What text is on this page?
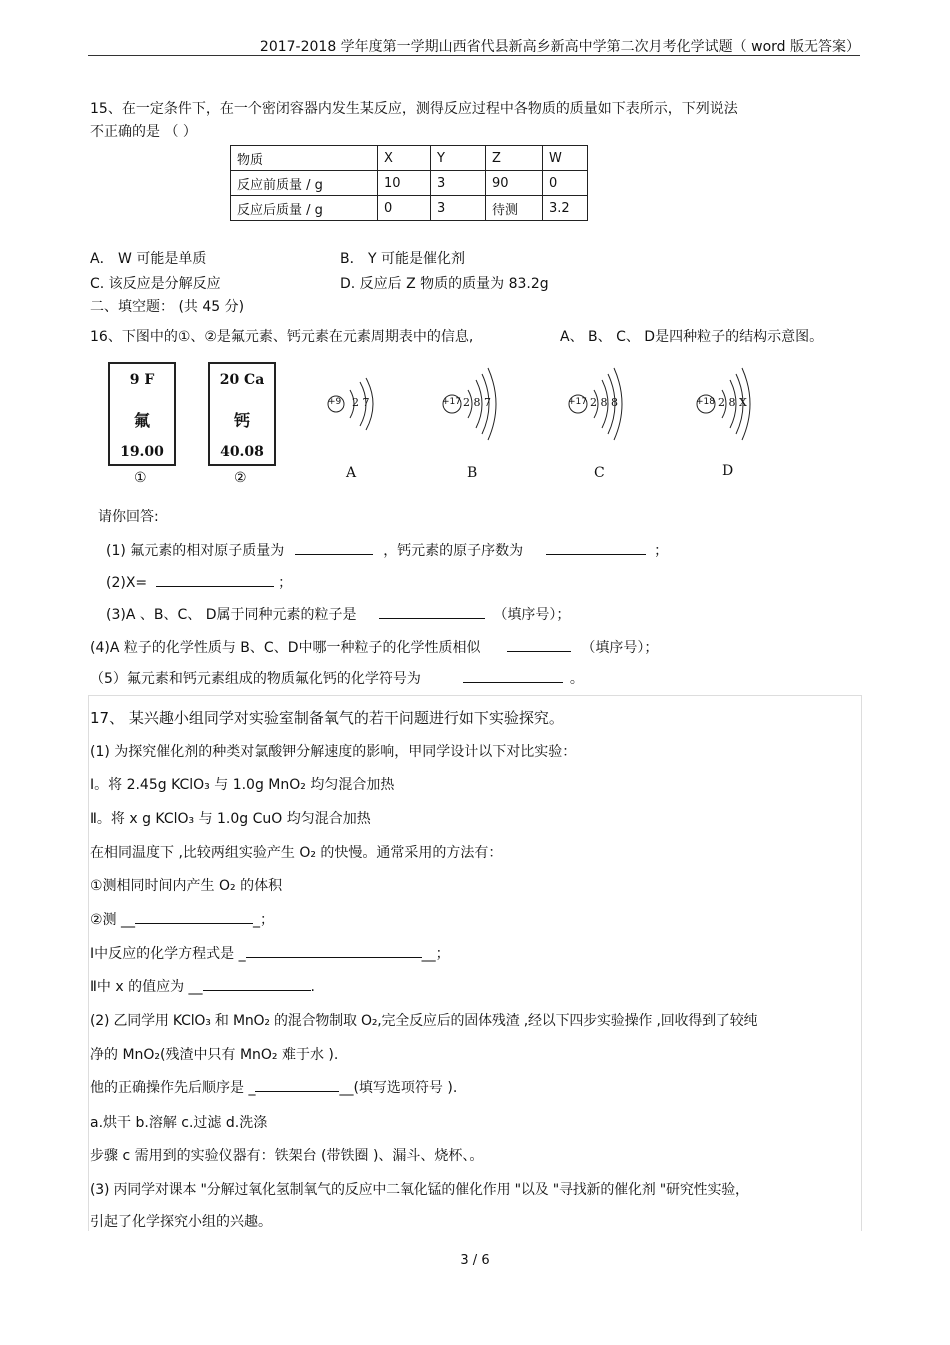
2017-2018 学年度第一学期山西省代县新高乡新高中学第二次月考化学试题（ word 版无答案）
15、在一定条件下，在一个密闭容器内发生某反应，测得反应过程中各物质的质量如下表所示，下列说法
不正确的是 （ ）
物质	X	Y	Z	W
反应前质量 / g	10	3	90	0
反应后质量 / g	0	3	待测	3.2
A． W 可能是单质	B． Y 可能是催化剂
C. 该反应是分解反应	D. 反应后 Z 物质的质量为 83.2g
二、填空题： (共 45 分)
16、下图中的①、②是氟元素、钙元素在元素周期表中的信息,	A、 B、 C、 D是四种粒子的结构示意图。
9 F
氟
19.00
①
20 Ca
钙
40.08
②
+9 2 7
A
+17 2 8 7
B
+17 2 8 8
C
+18 2 8 X
D
请你回答:
(1) 氟元素的相对原子质量为	，钙元素的原子序数为	；
(2)X=	；
(3)A 、B、C、 D属于同种元素的粒子是	（填序号）；
(4)A 粒子的化学性质与 B、C、D中哪一种粒子的化学性质相似	（填序号）；
（5）氟元素和钙元素组成的物质氟化钙的化学符号为	。
17、 某兴趣小组同学对实验室制备氧气的若干问题进行如下实验探究。
(1) 为探究催化剂的种类对氯酸钾分解速度的影响，甲同学设计以下对比实验：
Ⅰ。将 2.45g KClO₃ 与 1.0g MnO₂ 均匀混合加热
Ⅱ。将 x g KClO₃ 与 1.0g CuO 均匀混合加热
在相同温度下 ,比较两组实验产生 O₂ 的快慢。通常采用的方法有：
①测相同时间内产生 O₂ 的体积
②测 __	_；
Ⅰ中反应的化学方程式是 _	__；
Ⅱ中 x 的值应为 __	.
(2) 乙同学用 KClO₃ 和 MnO₂ 的混合物制取 O₂,完全反应后的固体残渣 ,经以下四步实验操作 ,回收得到了较纯
净的 MnO₂(残渣中只有 MnO₂ 难于水 ).
他的正确操作先后顺序是 _	__(填写选项符号 ).
a.烘干 b.溶解 c.过滤 d.洗涤
步骤 c 需用到的实验仪器有：铁架台 (带铁圈 )、漏斗、烧杯、。
(3) 丙同学对课本 "分解过氧化氢制氧气的反应中二氧化锰的催化作用 "以及 "寻找新的催化剂 "研究性实验，
引起了化学探究小组的兴趣。
3 / 6
